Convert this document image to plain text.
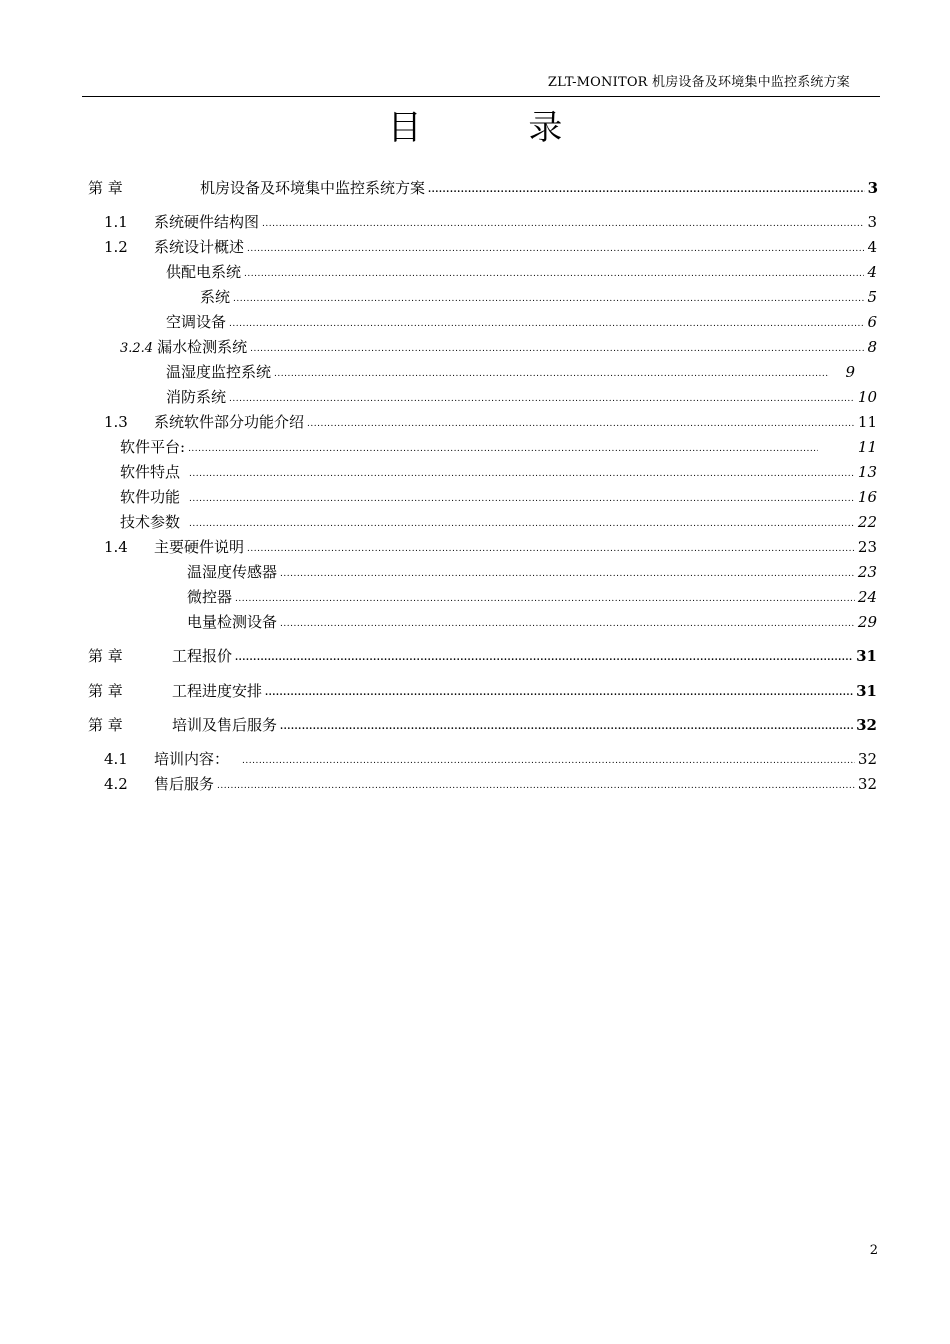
ZLT-MONITOR 机房设备及环境集中监控系统方案
目 录
第 章	机房设备及环境集中监控系统方案 .....	3
1.1	系统硬件结构图 .....	3
1.2	系统设计概述 .....	4
供配电系统 .....	4
系统 .....	5
空调设备 .....	6
3.2.4 漏水检测系统 .....	8
温湿度监控系统 .....	9
消防系统 .....	10
1.3	系统软件部分功能介绍 .....	11
软件平台: .....	11
软件特点 .....	13
软件功能 .....	16
技术参数 .....	22
1.4	主要硬件说明 .....	23
温湿度传感器 .....	23
微控器 .....	24
电量检测设备 .....	29
第 章	工程报价 .....	31
第 章	工程进度安排 .....	31
第 章	培训及售后服务 .....	32
4.1	培训内容： .....	32
4.2	售后服务 .....	32
2
